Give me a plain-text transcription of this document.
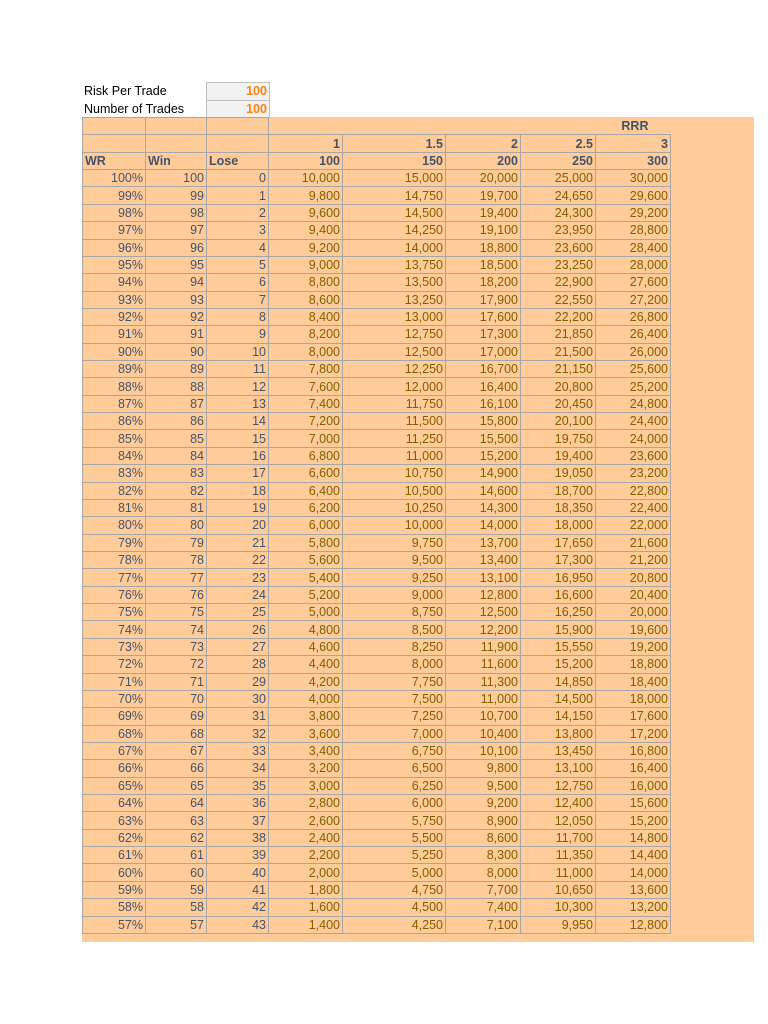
Risk Per Trade	100
Number of Trades	100
			RRR				
			1	1.5	2	2.5	3
WR	Win	Lose	100	150	200	250	300
100%	100	0	10,000	15,000	20,000	25,000	30,000
99%	99	1	9,800	14,750	19,700	24,650	29,600
98%	98	2	9,600	14,500	19,400	24,300	29,200
97%	97	3	9,400	14,250	19,100	23,950	28,800
96%	96	4	9,200	14,000	18,800	23,600	28,400
95%	95	5	9,000	13,750	18,500	23,250	28,000
94%	94	6	8,800	13,500	18,200	22,900	27,600
93%	93	7	8,600	13,250	17,900	22,550	27,200
92%	92	8	8,400	13,000	17,600	22,200	26,800
91%	91	9	8,200	12,750	17,300	21,850	26,400
90%	90	10	8,000	12,500	17,000	21,500	26,000
89%	89	11	7,800	12,250	16,700	21,150	25,600
88%	88	12	7,600	12,000	16,400	20,800	25,200
87%	87	13	7,400	11,750	16,100	20,450	24,800
86%	86	14	7,200	11,500	15,800	20,100	24,400
85%	85	15	7,000	11,250	15,500	19,750	24,000
84%	84	16	6,800	11,000	15,200	19,400	23,600
83%	83	17	6,600	10,750	14,900	19,050	23,200
82%	82	18	6,400	10,500	14,600	18,700	22,800
81%	81	19	6,200	10,250	14,300	18,350	22,400
80%	80	20	6,000	10,000	14,000	18,000	22,000
79%	79	21	5,800	9,750	13,700	17,650	21,600
78%	78	22	5,600	9,500	13,400	17,300	21,200
77%	77	23	5,400	9,250	13,100	16,950	20,800
76%	76	24	5,200	9,000	12,800	16,600	20,400
75%	75	25	5,000	8,750	12,500	16,250	20,000
74%	74	26	4,800	8,500	12,200	15,900	19,600
73%	73	27	4,600	8,250	11,900	15,550	19,200
72%	72	28	4,400	8,000	11,600	15,200	18,800
71%	71	29	4,200	7,750	11,300	14,850	18,400
70%	70	30	4,000	7,500	11,000	14,500	18,000
69%	69	31	3,800	7,250	10,700	14,150	17,600
68%	68	32	3,600	7,000	10,400	13,800	17,200
67%	67	33	3,400	6,750	10,100	13,450	16,800
66%	66	34	3,200	6,500	9,800	13,100	16,400
65%	65	35	3,000	6,250	9,500	12,750	16,000
64%	64	36	2,800	6,000	9,200	12,400	15,600
63%	63	37	2,600	5,750	8,900	12,050	15,200
62%	62	38	2,400	5,500	8,600	11,700	14,800
61%	61	39	2,200	5,250	8,300	11,350	14,400
60%	60	40	2,000	5,000	8,000	11,000	14,000
59%	59	41	1,800	4,750	7,700	10,650	13,600
58%	58	42	1,600	4,500	7,400	10,300	13,200
57%	57	43	1,400	4,250	7,100	9,950	12,800
